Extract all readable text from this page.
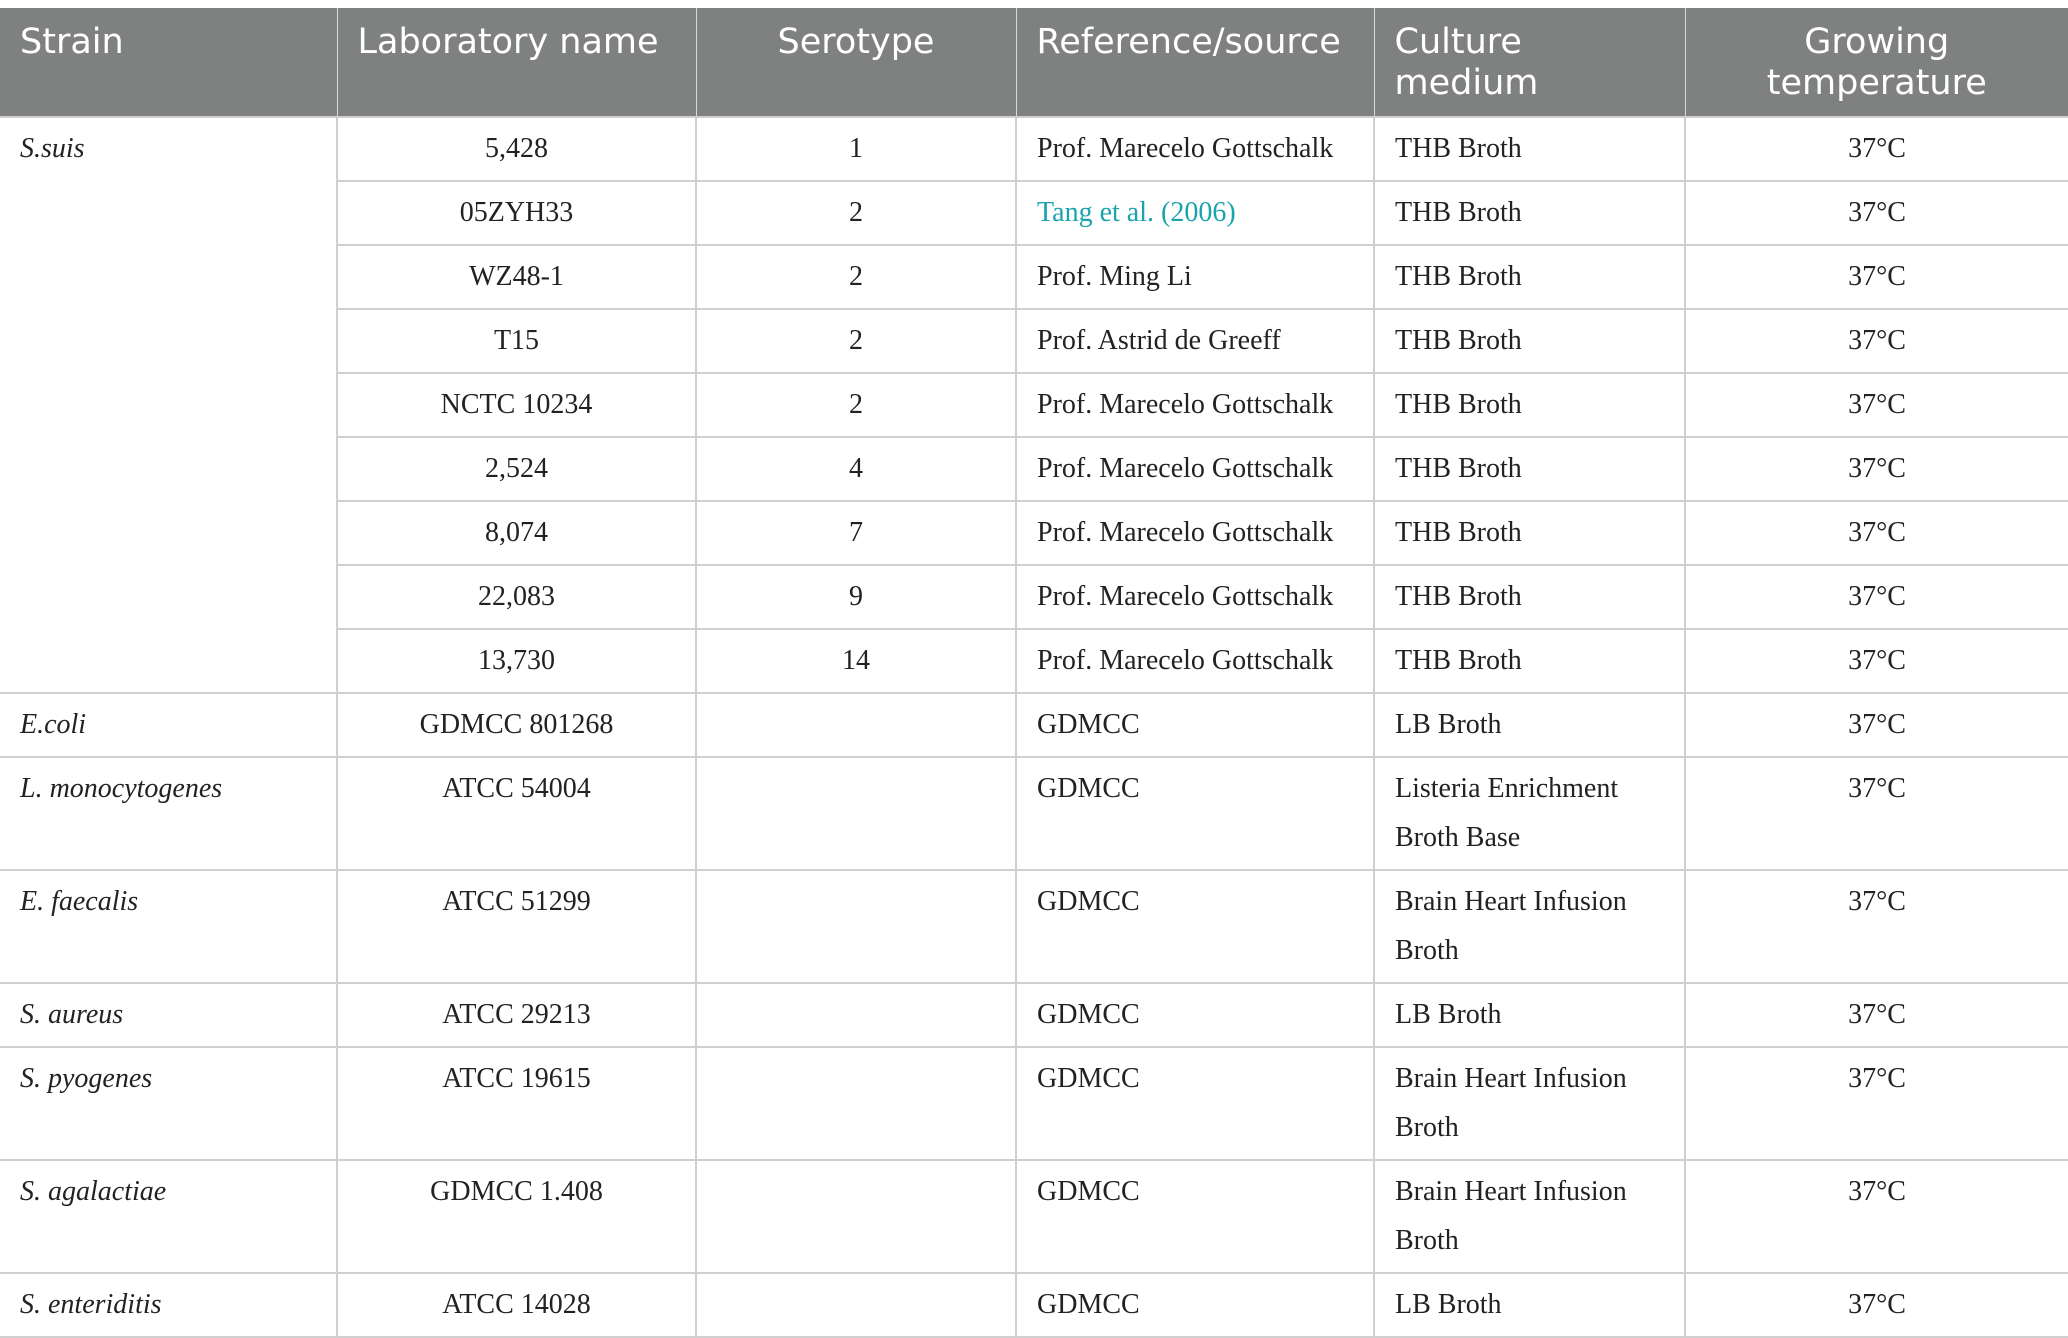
Strain	Laboratory name	Serotype	Reference/source	Culture medium	Growing temperature
S.suis	5,428	1	Prof. Marecelo Gottschalk	THB Broth	37°C
	05ZYH33	2	Tang et al. (2006)	THB Broth	37°C
	WZ48-1	2	Prof. Ming Li	THB Broth	37°C
	T15	2	Prof. Astrid de Greeff	THB Broth	37°C
	NCTC 10234	2	Prof. Marecelo Gottschalk	THB Broth	37°C
	2,524	4	Prof. Marecelo Gottschalk	THB Broth	37°C
	8,074	7	Prof. Marecelo Gottschalk	THB Broth	37°C
	22,083	9	Prof. Marecelo Gottschalk	THB Broth	37°C
	13,730	14	Prof. Marecelo Gottschalk	THB Broth	37°C
E.coli	GDMCC 801268		GDMCC	LB Broth	37°C
L. monocytogenes	ATCC 54004		GDMCC	Listeria Enrichment Broth Base	37°C
E. faecalis	ATCC 51299		GDMCC	Brain Heart Infusion Broth	37°C
S. aureus	ATCC 29213		GDMCC	LB Broth	37°C
S. pyogenes	ATCC 19615		GDMCC	Brain Heart Infusion Broth	37°C
S. agalactiae	GDMCC 1.408		GDMCC	Brain Heart Infusion Broth	37°C
S. enteriditis	ATCC 14028		GDMCC	LB Broth	37°C
